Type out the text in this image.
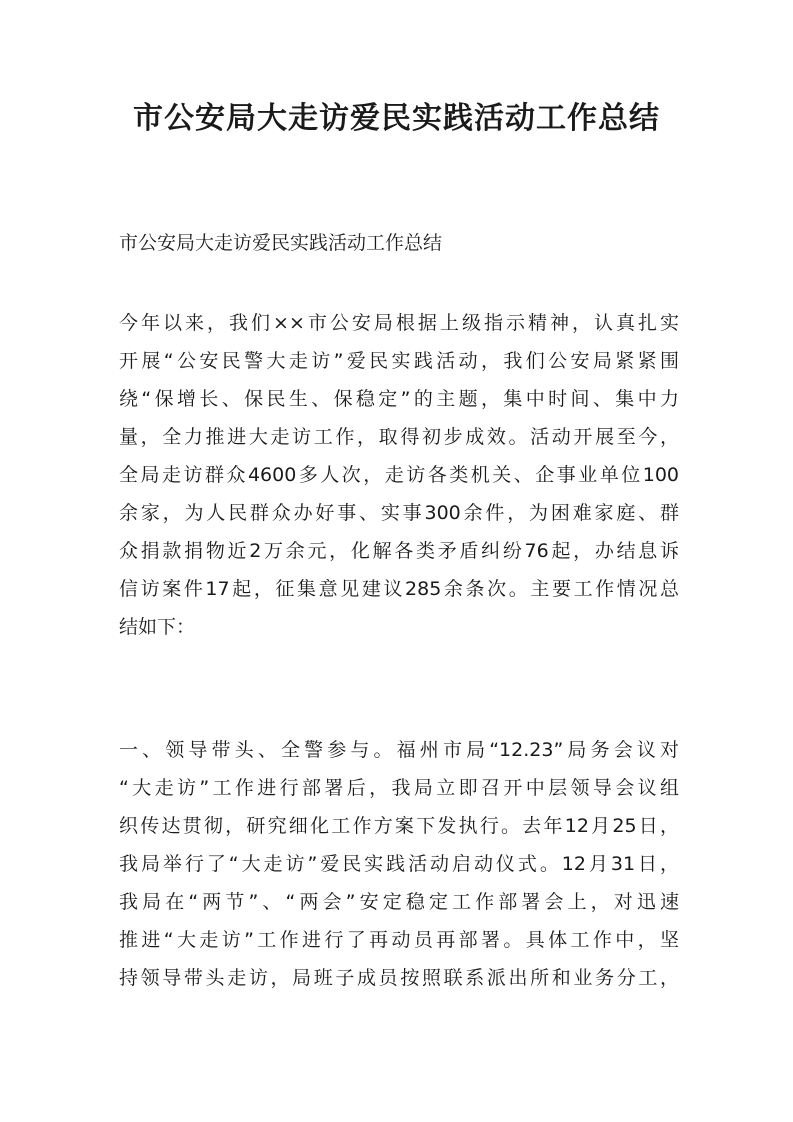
市公安局大走访爱民实践活动工作总结

市公安局大走访爱民实践活动工作总结

今年以来，我们××市公安局根据上级指示精神，认真扎实
开展“公安民警大走访”爱民实践活动，我们公安局紧紧围
绕“保增长、保民生、保稳定”的主题，集中时间、集中力
量，全力推进大走访工作，取得初步成效。活动开展至今，
全局走访群众4600多人次，走访各类机关、企事业单位100
余家，为人民群众办好事、实事300余件，为困难家庭、群
众捐款捐物近2万余元，化解各类矛盾纠纷76起，办结息诉
信访案件17起，征集意见建议285余条次。主要工作情况总
结如下：
一、领导带头、全警参与。福州市局“12.23”局务会议对
“大走访”工作进行部署后，我局立即召开中层领导会议组
织传达贯彻，研究细化工作方案下发执行。去年12月25日，
我局举行了“大走访”爱民实践活动启动仪式。12月31日，
我局在“两节”、“两会”安定稳定工作部署会上，对迅速
推进“大走访”工作进行了再动员再部署。具体工作中，坚
持领导带头走访，局班子成员按照联系派出所和业务分工，
